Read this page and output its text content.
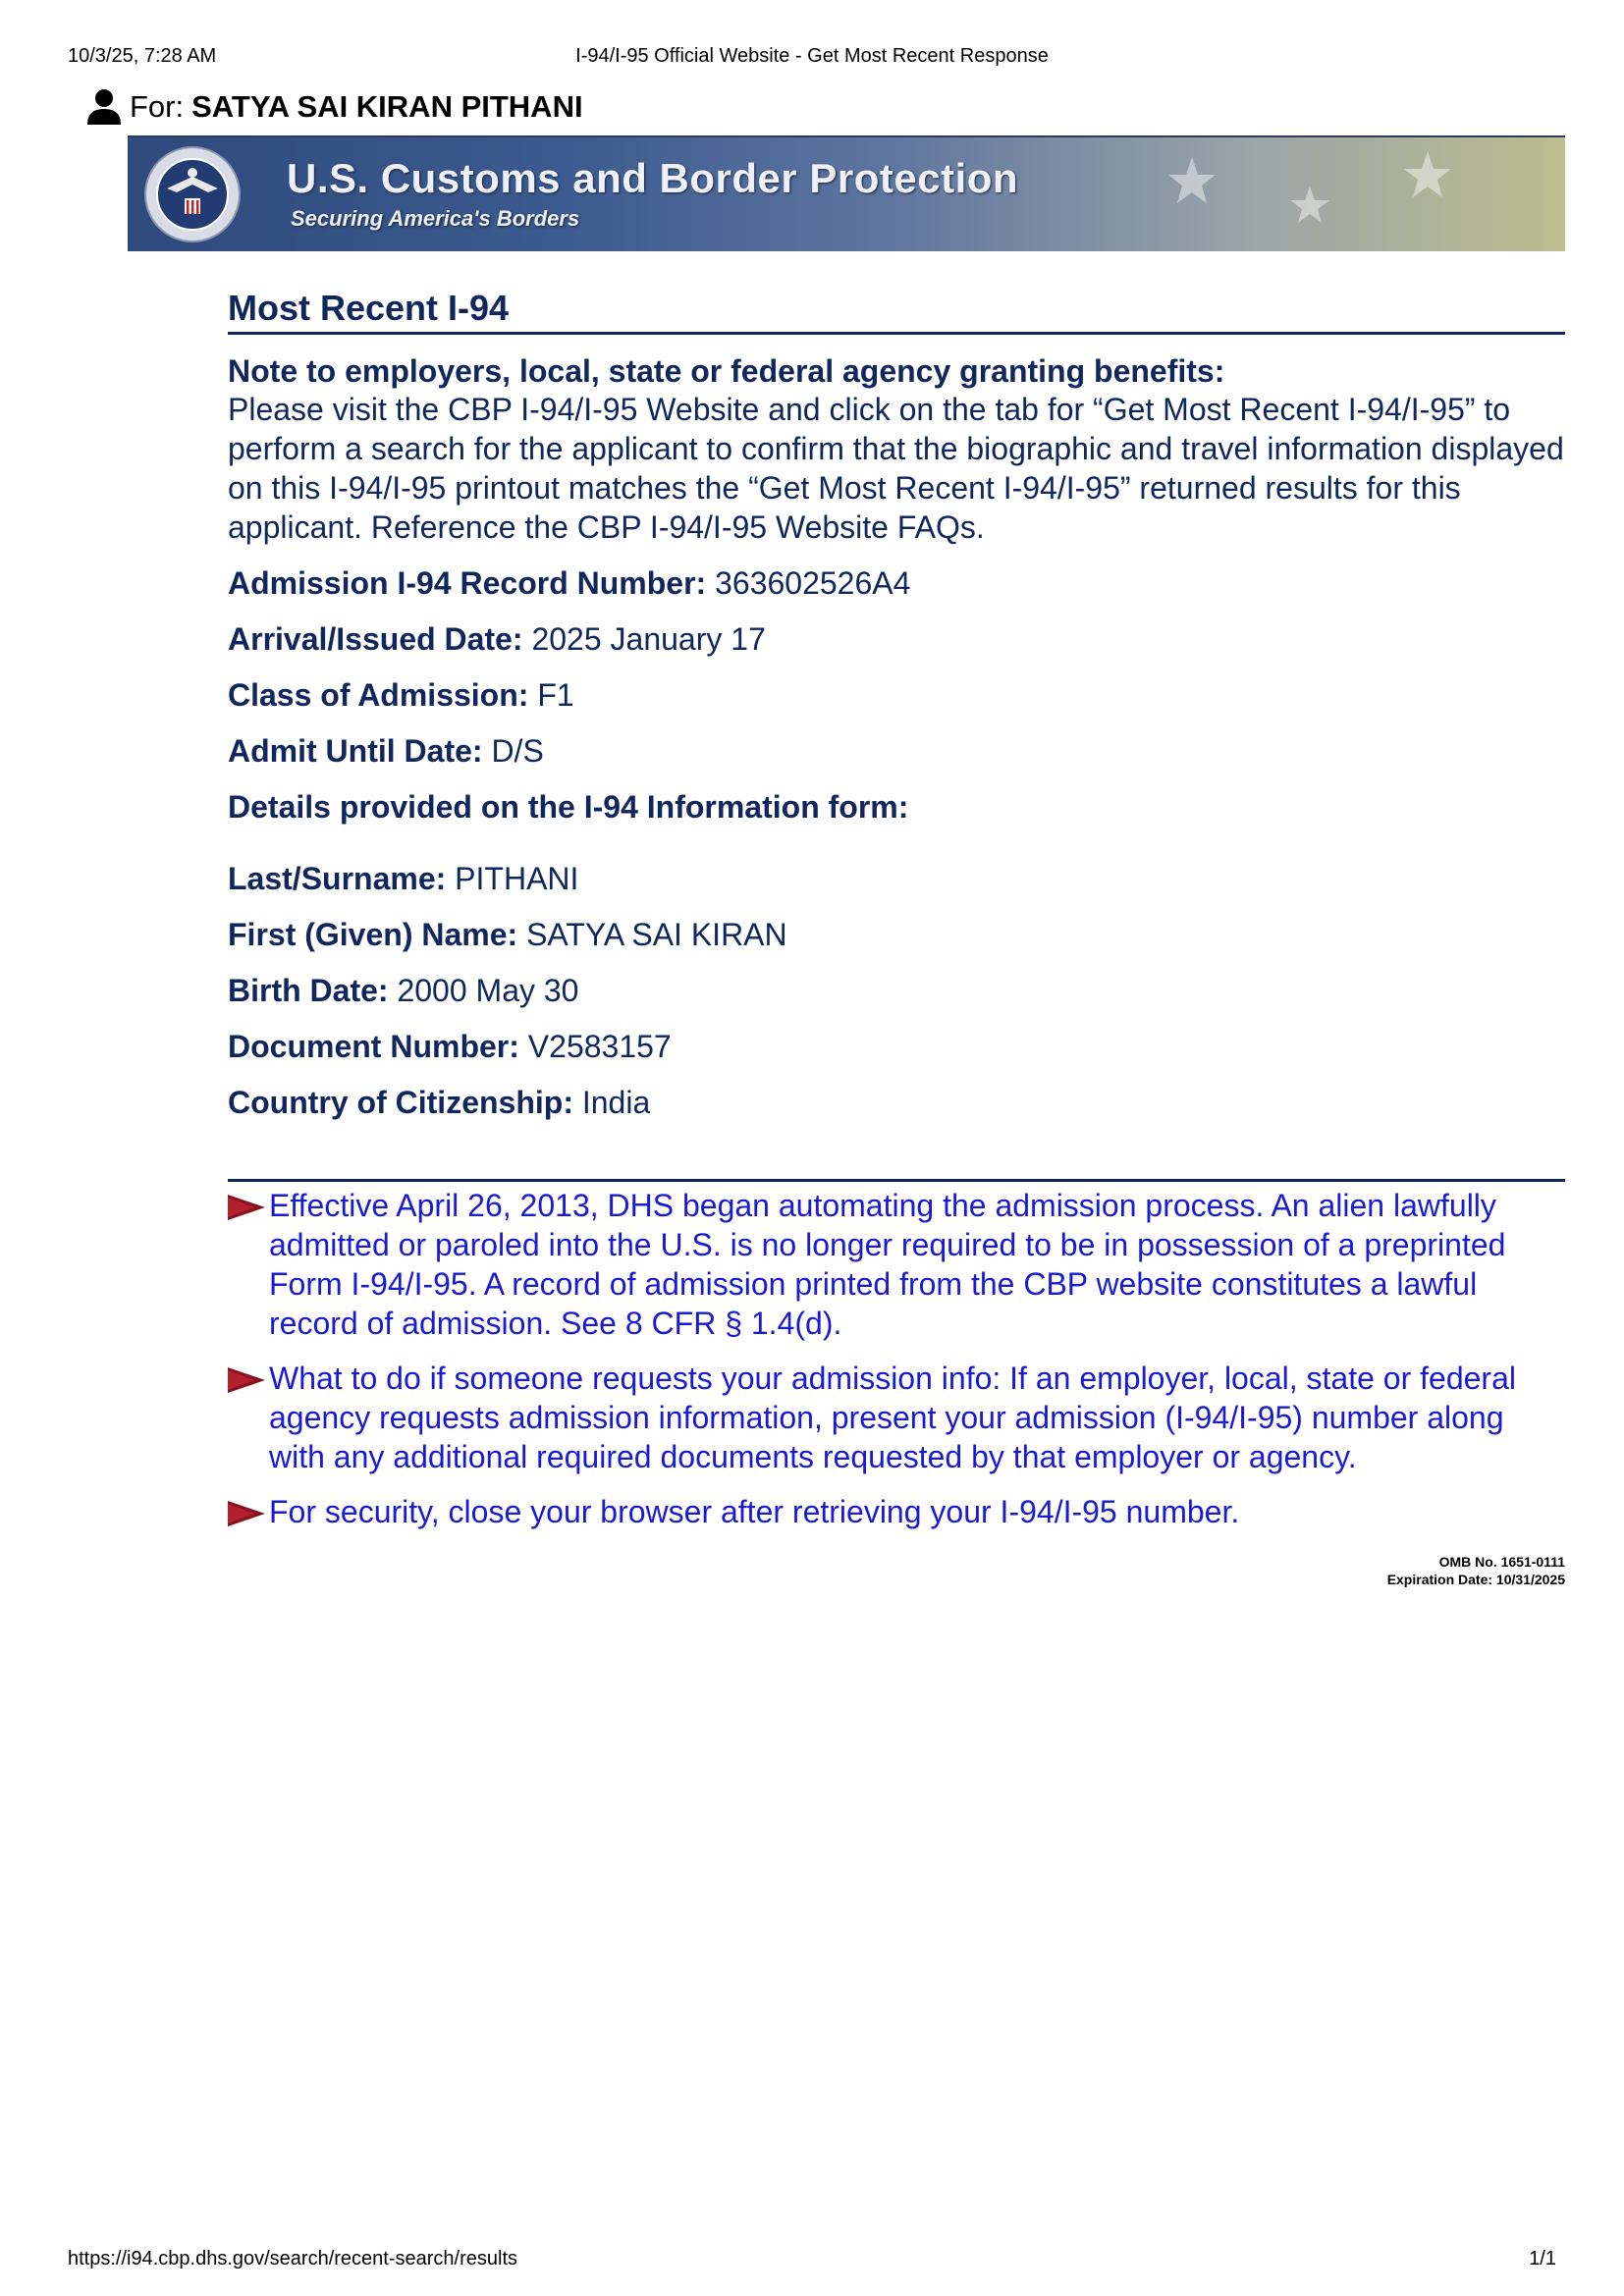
10/3/25, 7:28 AM	I-94/I-95 Official Website - Get Most Recent Response
For: SATYA SAI KIRAN PITHANI
U.S. Customs and Border Protection
Securing America's Borders
Most Recent I-94
Note to employers, local, state or federal agency granting benefits:
Please visit the CBP I-94/I-95 Website and click on the tab for “Get Most Recent I-94/I-95” to perform a search for the applicant to confirm that the biographic and travel information displayed on this I-94/I-95 printout matches the “Get Most Recent I-94/I-95” returned results for this applicant. Reference the CBP I-94/I-95 Website FAQs.
Admission I-94 Record Number: 363602526A4
Arrival/Issued Date: 2025 January 17
Class of Admission: F1
Admit Until Date: D/S
Details provided on the I-94 Information form:
Last/Surname: PITHANI
First (Given) Name: SATYA SAI KIRAN
Birth Date: 2000 May 30
Document Number: V2583157
Country of Citizenship: India
Effective April 26, 2013, DHS began automating the admission process. An alien lawfully admitted or paroled into the U.S. is no longer required to be in possession of a preprinted Form I-94/I-95. A record of admission printed from the CBP website constitutes a lawful record of admission. See 8 CFR § 1.4(d).
What to do if someone requests your admission info: If an employer, local, state or federal agency requests admission information, present your admission (I-94/I-95) number along with any additional required documents requested by that employer or agency.
For security, close your browser after retrieving your I-94/I-95 number.
OMB No. 1651-0111
Expiration Date: 10/31/2025
https://i94.cbp.dhs.gov/search/recent-search/results	1/1
